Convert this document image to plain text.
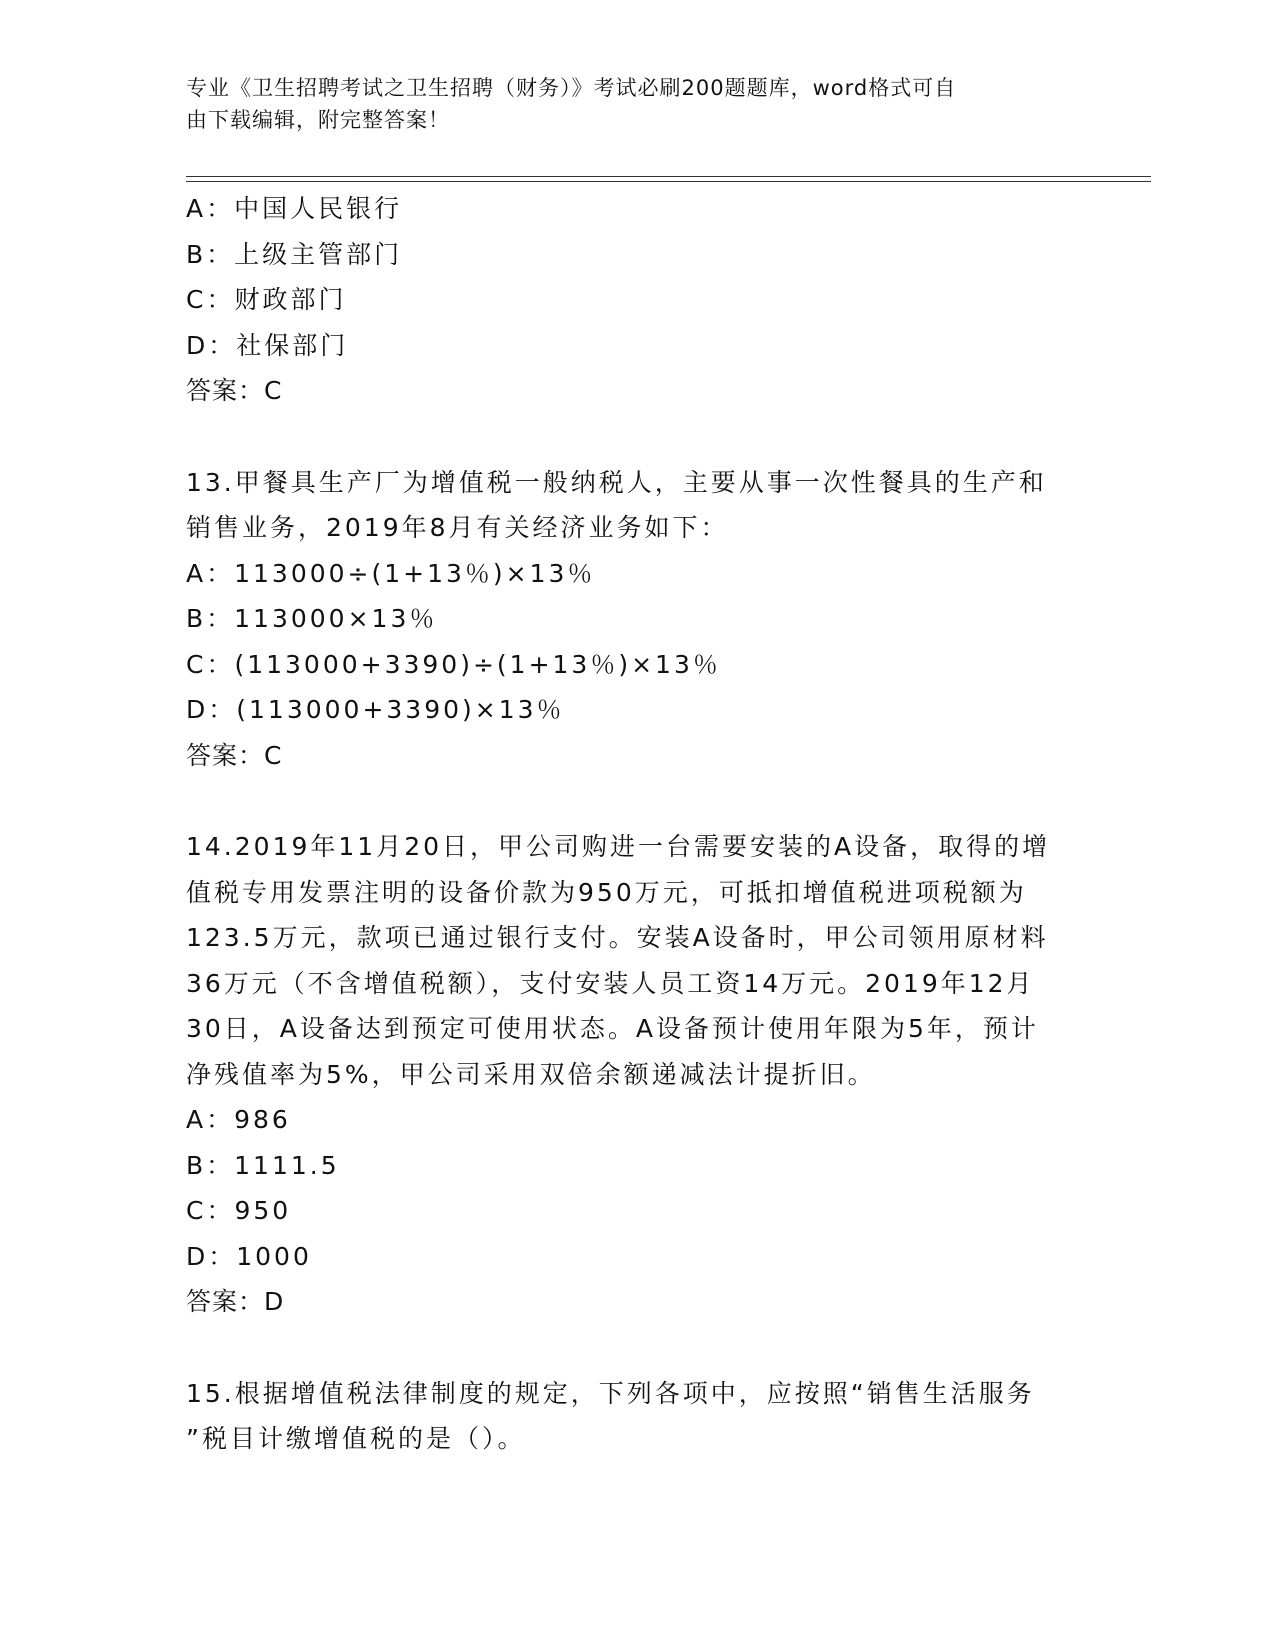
专业《卫生招聘考试之卫生招聘（财务）》考试必刷200题题库，word格式可自
由下载编辑，附完整答案！
A：中国人民银行
B：上级主管部门
C：财政部门
D：社保部门
答案：C
13.甲餐具生产厂为增值税一般纳税人，主要从事一次性餐具的生产和
销售业务，2019年8月有关经济业务如下：
A：113000÷(1+13％)×13％
B：113000×13％
C：(113000+3390)÷(1+13％)×13％
D：(113000+3390)×13％
答案：C
14.2019年11月20日，甲公司购进一台需要安装的A设备，取得的增
值税专用发票注明的设备价款为950万元，可抵扣增值税进项税额为
123.5万元，款项已通过银行支付。安装A设备时，甲公司领用原材料
36万元（不含增值税额），支付安装人员工资14万元。2019年12月
30日，A设备达到预定可使用状态。A设备预计使用年限为5年，预计
净残值率为5%，甲公司采用双倍余额递减法计提折旧。
A：986
B：1111.5
C：950
D：1000
答案：D
15.根据增值税法律制度的规定，下列各项中，应按照“销售生活服务
”税目计缴增值税的是（）。
